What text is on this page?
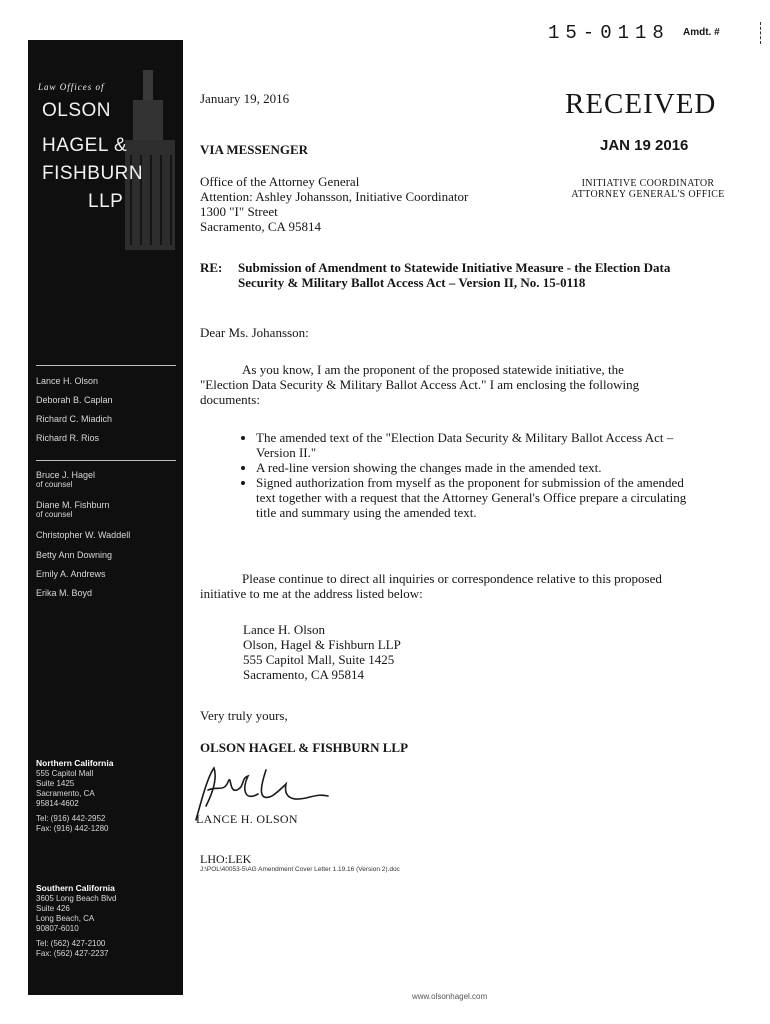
Law Offices of
OLSON
HAGEL &
FISHBURN
LLP
Lance H. Olson
Deborah B. Caplan
Richard C. Miadich
Richard R. Rios
Bruce J. Hagel
of counsel
Diane M. Fishburn
of counsel
Christopher W. Waddell
Betty Ann Downing
Emily A. Andrews
Erika M. Boyd
Northern California
555 Capitol Mall
Suite 1425
Sacramento, CA
95814-4602

Tel: (916) 442-2952
Fax: (916) 442-1280
Southern California
3605 Long Beach Blvd
Suite 426
Long Beach, CA
90807-6010

Tel: (562) 427-2100
Fax: (562) 427-2237
15-0118 Amdt. #
RECEIVED
JAN 19 2016
INITIATIVE COORDINATOR
ATTORNEY GENERAL'S OFFICE
January 19, 2016
VIA MESSENGER
Office of the Attorney General
Attention: Ashley Johansson, Initiative Coordinator
1300 "I" Street
Sacramento, CA 95814
RE: Submission of Amendment to Statewide Initiative Measure - the Election Data Security & Military Ballot Access Act – Version II, No. 15-0118
Dear Ms. Johansson:
As you know, I am the proponent of the proposed statewide initiative, the "Election Data Security & Military Ballot Access Act." I am enclosing the following documents:
• The amended text of the "Election Data Security & Military Ballot Access Act – Version II."
• A red-line version showing the changes made in the amended text.
• Signed authorization from myself as the proponent for submission of the amended text together with a request that the Attorney General's Office prepare a circulating title and summary using the amended text.
Please continue to direct all inquiries or correspondence relative to this proposed initiative to me at the address listed below:
Lance H. Olson
Olson, Hagel & Fishburn LLP
555 Capitol Mall, Suite 1425
Sacramento, CA 95814
Very truly yours,
OLSON HAGEL & FISHBURN LLP
LANCE H. OLSON
LHO:LEK
J:\POL\40053-5\AG Amendment Cover Letter 1.19.16 (Version 2).doc
www.olsonhagel.com
